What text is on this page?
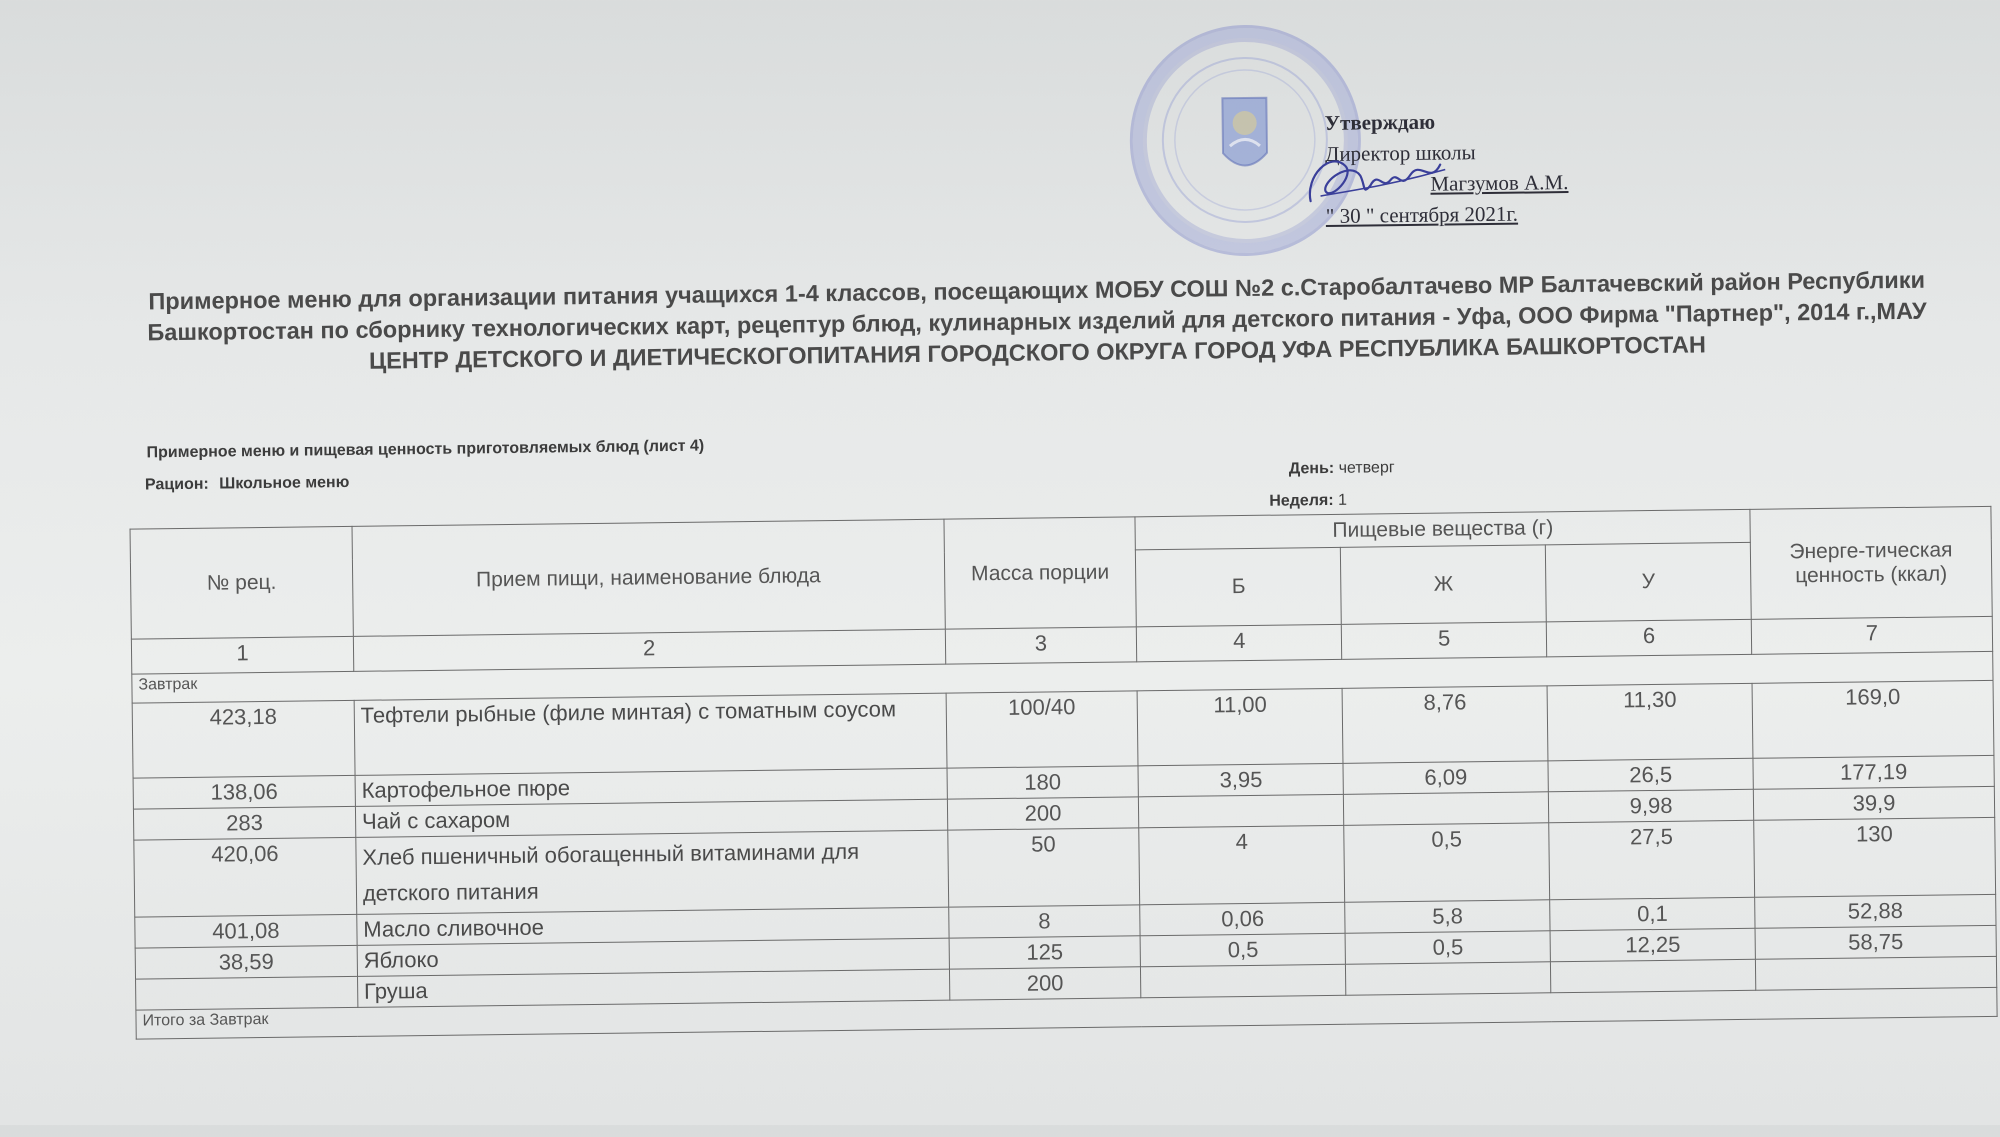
Утверждаю
Директор школы
Магзумов А.М.
" 30 " сентября 2021г.
Примерное меню для организации питания учащихся 1-4 классов, посещающих МОБУ СОШ №2 с.Старобалтачево МР Балтачевский район Республики Башкортостан по сборнику технологических карт, рецептур блюд, кулинарных изделий для детского питания - Уфа, ООО Фирма "Партнер", 2014 г.,МАУ ЦЕНТР ДЕТСКОГО И ДИЕТИЧЕСКОГОПИТАНИЯ ГОРОДСКОГО ОКРУГА ГОРОД УФА РЕСПУБЛИКА БАШКОРТОСТАН
Примерное меню и пищевая ценность приготовляемых блюд (лист 4)
Рацион: Школьное меню
День: четверг
Неделя: 1
№ рец.	Прием пищи, наименование блюда	Масса порции	Пищевые вещества (г)			Энерге-тическая ценность (ккал)
			Б	Ж	У	
1	2	3	4	5	6	7
Завтрак						
423,18	Тефтели рыбные (филе минтая) с томатным соусом	100/40	11,00	8,76	11,30	169,0
138,06	Картофельное пюре	180	3,95	6,09	26,5	177,19
283	Чай с сахаром	200			9,98	39,9
420,06	Хлеб пшеничный обогащенный витаминами для детского питания	50	4	0,5	27,5	130
401,08	Масло сливочное	8	0,06	5,8	0,1	52,88
38,59	Яблоко	125	0,5	0,5	12,25	58,75
	Груша	200				
Итого за Завтрак						
